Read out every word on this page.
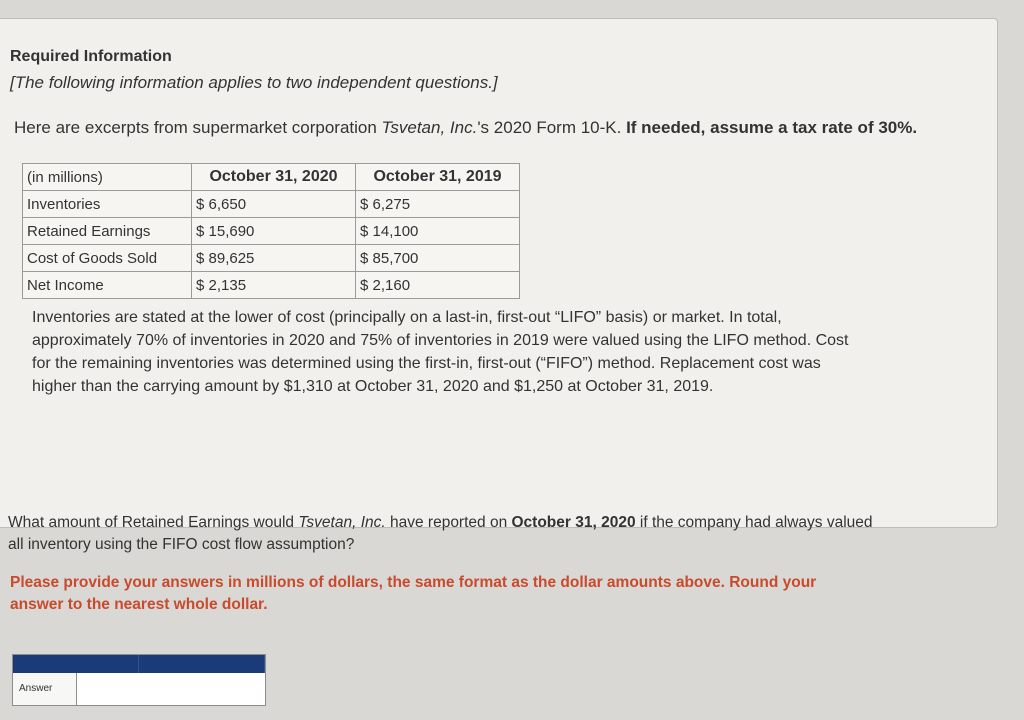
Required Information
[The following information applies to two independent questions.]
Here are excerpts from supermarket corporation Tsvetan, Inc.'s 2020 Form 10-K. If needed, assume a tax rate of 30%.
(in millions)	October 31, 2020	October 31, 2019
Inventories	$ 6,650	$ 6,275
Retained Earnings	$ 15,690	$ 14,100
Cost of Goods Sold	$ 89,625	$ 85,700
Net Income	$ 2,135	$ 2,160
Inventories are stated at the lower of cost (principally on a last-in, first-out “LIFO” basis) or market. In total, approximately 70% of inventories in 2020 and 75% of inventories in 2019 were valued using the LIFO method. Cost for the remaining inventories was determined using the first-in, first-out (“FIFO”) method. Replacement cost was higher than the carrying amount by $1,310 at October 31, 2020 and $1,250 at October 31, 2019.
What amount of Retained Earnings would Tsvetan, Inc. have reported on October 31, 2020 if the company had always valued all inventory using the FIFO cost flow assumption?
Please provide your answers in millions of dollars, the same format as the dollar amounts above. Round your answer to the nearest whole dollar.
Answer
